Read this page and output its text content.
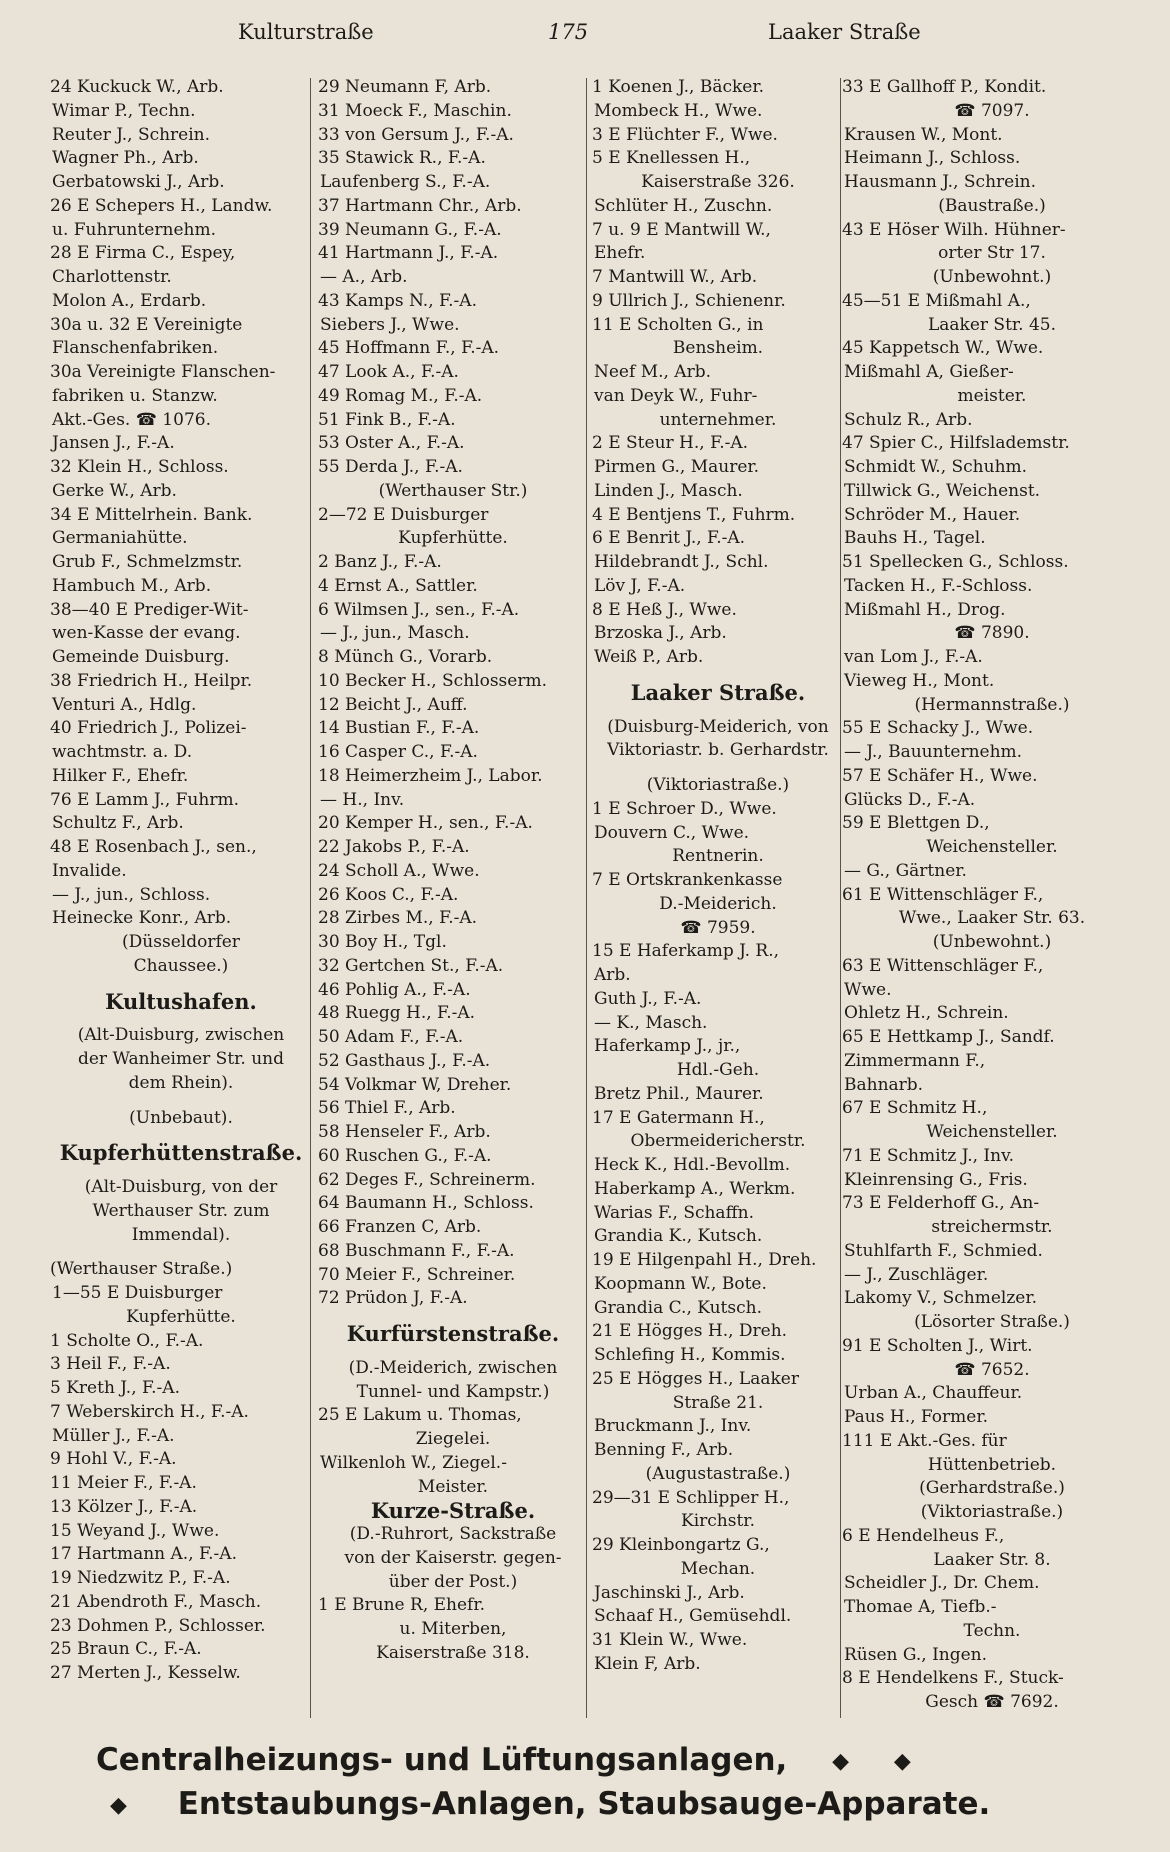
Kulturstraße	175	Laaker Straße
24 Kuckuck W., Arb.
Wimar P., Techn.
Reuter J., Schrein.
Wagner Ph., Arb.
Gerbatowski J., Arb.
26 E Schepers H., Landw.
u. Fuhrunternehm.
28 E Firma C., Espey,
Charlottenstr.
Molon A., Erdarb.
30a u. 32 E Vereinigte
Flanschenfabriken.
30a Vereinigte Flanschen-
fabriken u. Stanzw.
Akt.-Ges. ☎ 1076.
Jansen J., F.-A.
32 Klein H., Schloss.
Gerke W., Arb.
34 E Mittelrhein. Bank.
Germaniahütte.
Grub F., Schmelzmstr.
Hambuch M., Arb.
38—40 E Prediger-Wit-
wen-Kasse der evang.
Gemeinde Duisburg.
38 Friedrich H., Heilpr.
Venturi A., Hdlg.
40 Friedrich J., Polizei-
wachtmstr. a. D.
Hilker F., Ehefr.
76 E Lamm J., Fuhrm.
Schultz F., Arb.
48 E Rosenbach J., sen.,
Invalide.
— J., jun., Schloss.
Heinecke Konr., Arb.
(Düsseldorfer
Chaussee.)
Kultushafen.
(Alt-Duisburg, zwischen
der Wanheimer Str. und
dem Rhein).
(Unbebaut).
Kupferhüttenstraße.
(Alt-Duisburg, von der
Werthauser Str. zum
Immendal).
(Werthauser Straße.)
1—55 E Duisburger
Kupferhütte.
1 Scholte O., F.-A.
3 Heil F., F.-A.
5 Kreth J., F.-A.
7 Weberskirch H., F.-A.
Müller J., F.-A.
9 Hohl V., F.-A.
11 Meier F., F.-A.
13 Kölzer J., F.-A.
15 Weyand J., Wwe.
17 Hartmann A., F.-A.
19 Niedzwitz P., F.-A.
21 Abendroth F., Masch.
23 Dohmen P., Schlosser.
25 Braun C., F.-A.
27 Merten J., Kesselw.
29 Neumann F, Arb.
31 Moeck F., Maschin.
33 von Gersum J., F.-A.
35 Stawick R., F.-A.
Laufenberg S., F.-A.
37 Hartmann Chr., Arb.
39 Neumann G., F.-A.
41 Hartmann J., F.-A.
— A., Arb.
43 Kamps N., F.-A.
Siebers J., Wwe.
45 Hoffmann F., F.-A.
47 Look A., F.-A.
49 Romag M., F.-A.
51 Fink B., F.-A.
53 Oster A., F.-A.
55 Derda J., F.-A.
(Werthauser Str.)
2—72 E Duisburger
Kupferhütte.
2 Banz J., F.-A.
4 Ernst A., Sattler.
6 Wilmsen J., sen., F.-A.
— J., jun., Masch.
8 Münch G., Vorarb.
10 Becker H., Schlosserm.
12 Beicht J., Auff.
14 Bustian F., F.-A.
16 Casper C., F.-A.
18 Heimerzheim J., Labor.
— H., Inv.
20 Kemper H., sen., F.-A.
22 Jakobs P., F.-A.
24 Scholl A., Wwe.
26 Koos C., F.-A.
28 Zirbes M., F.-A.
30 Boy H., Tgl.
32 Gertchen St., F.-A.
46 Pohlig A., F.-A.
48 Ruegg H., F.-A.
50 Adam F., F.-A.
52 Gasthaus J., F.-A.
54 Volkmar W, Dreher.
56 Thiel F., Arb.
58 Henseler F., Arb.
60 Ruschen G., F.-A.
62 Deges F., Schreinerm.
64 Baumann H., Schloss.
66 Franzen C, Arb.
68 Buschmann F., F.-A.
70 Meier F., Schreiner.
72 Prüdon J, F.-A.
Kurfürstenstraße.
(D.-Meiderich, zwischen
Tunnel- und Kampstr.)
25 E Lakum u. Thomas,
Ziegelei.
Wilkenloh W., Ziegel.-
Meister.
Kurze-Straße.
(D.-Ruhrort, Sackstraße
von der Kaiserstr. gegen-
über der Post.)
1 E Brune R, Ehefr.
u. Miterben,
Kaiserstraße 318.
1 Koenen J., Bäcker.
Mombeck H., Wwe.
3 E Flüchter F., Wwe.
5 E Knellessen H.,
Kaiserstraße 326.
Schlüter H., Zuschn.
7 u. 9 E Mantwill W.,
Ehefr.
7 Mantwill W., Arb.
9 Ullrich J., Schienenr.
11 E Scholten G., in
Bensheim.
Neef M., Arb.
van Deyk W., Fuhr-
unternehmer.
2 E Steur H., F.-A.
Pirmen G., Maurer.
Linden J., Masch.
4 E Bentjens T., Fuhrm.
6 E Benrit J., F.-A.
Hildebrandt J., Schl.
Löv J, F.-A.
8 E Heß J., Wwe.
Brzoska J., Arb.
Weiß P., Arb.
Laaker Straße.
(Duisburg-Meiderich, von
Viktoriastr. b. Gerhardstr.
(Viktoriastraße.)
1 E Schroer D., Wwe.
Douvern C., Wwe.
Rentnerin.
7 E Ortskrankenkasse
D.-Meiderich.
☎ 7959.
15 E Haferkamp J. R.,
Arb.
Guth J., F.-A.
— K., Masch.
Haferkamp J., jr.,
Hdl.-Geh.
Bretz Phil., Maurer.
17 E Gatermann H.,
Obermeidericherstr.
Heck K., Hdl.-Bevollm.
Haberkamp A., Werkm.
Warias F., Schaffn.
Grandia K., Kutsch.
19 E Hilgenpahl H., Dreh.
Koopmann W., Bote.
Grandia C., Kutsch.
21 E Högges H., Dreh.
Schlefing H., Kommis.
25 E Högges H., Laaker
Straße 21.
Bruckmann J., Inv.
Benning F., Arb.
(Augustastraße.)
29—31 E Schlipper H.,
Kirchstr.
29 Kleinbongartz G.,
Mechan.
Jaschinski J., Arb.
Schaaf H., Gemüsehdl.
31 Klein W., Wwe.
Klein F, Arb.
33 E Gallhoff P., Kondit.
☎ 7097.
Krausen W., Mont.
Heimann J., Schloss.
Hausmann J., Schrein.
(Baustraße.)
43 E Höser Wilh. Hühner-
orter Str 17.
(Unbewohnt.)
45—51 E Mißmahl A.,
Laaker Str. 45.
45 Kappetsch W., Wwe.
Mißmahl A, Gießer-
meister.
Schulz R., Arb.
47 Spier C., Hilfslademstr.
Schmidt W., Schuhm.
Tillwick G., Weichenst.
Schröder M., Hauer.
Bauhs H., Tagel.
51 Spellecken G., Schloss.
Tacken H., F.-Schloss.
Mißmahl H., Drog.
☎ 7890.
van Lom J., F.-A.
Vieweg H., Mont.
(Hermannstraße.)
55 E Schacky J., Wwe.
— J., Bauunternehm.
57 E Schäfer H., Wwe.
Glücks D., F.-A.
59 E Blettgen D.,
Weichensteller.
— G., Gärtner.
61 E Wittenschläger F.,
Wwe., Laaker Str. 63.
(Unbewohnt.)
63 E Wittenschläger F.,
Wwe.
Ohletz H., Schrein.
65 E Hettkamp J., Sandf.
Zimmermann F.,
Bahnarb.
67 E Schmitz H.,
Weichensteller.
71 E Schmitz J., Inv.
Kleinrensing G., Fris.
73 E Felderhoff G., An-
streichermstr.
Stuhlfarth F., Schmied.
— J., Zuschläger.
Lakomy V., Schmelzer.
(Lösorter Straße.)
91 E Scholten J., Wirt.
☎ 7652.
Urban A., Chauffeur.
Paus H., Former.
111 E Akt.-Ges. für
Hüttenbetrieb.
(Gerhardstraße.)
(Viktoriastraße.)
6 E Hendelheus F.,
Laaker Str. 8.
Scheidler J., Dr. Chem.
Thomae A, Tiefb.-
Techn.
Rüsen G., Ingen.
8 E Hendelkens F., Stuck-
Gesch ☎ 7692.
Centralheizungs- und Lüftungsanlagen, ◆ ◆
◆ Entstaubungs-Anlagen, Staubsauge-Apparate.
